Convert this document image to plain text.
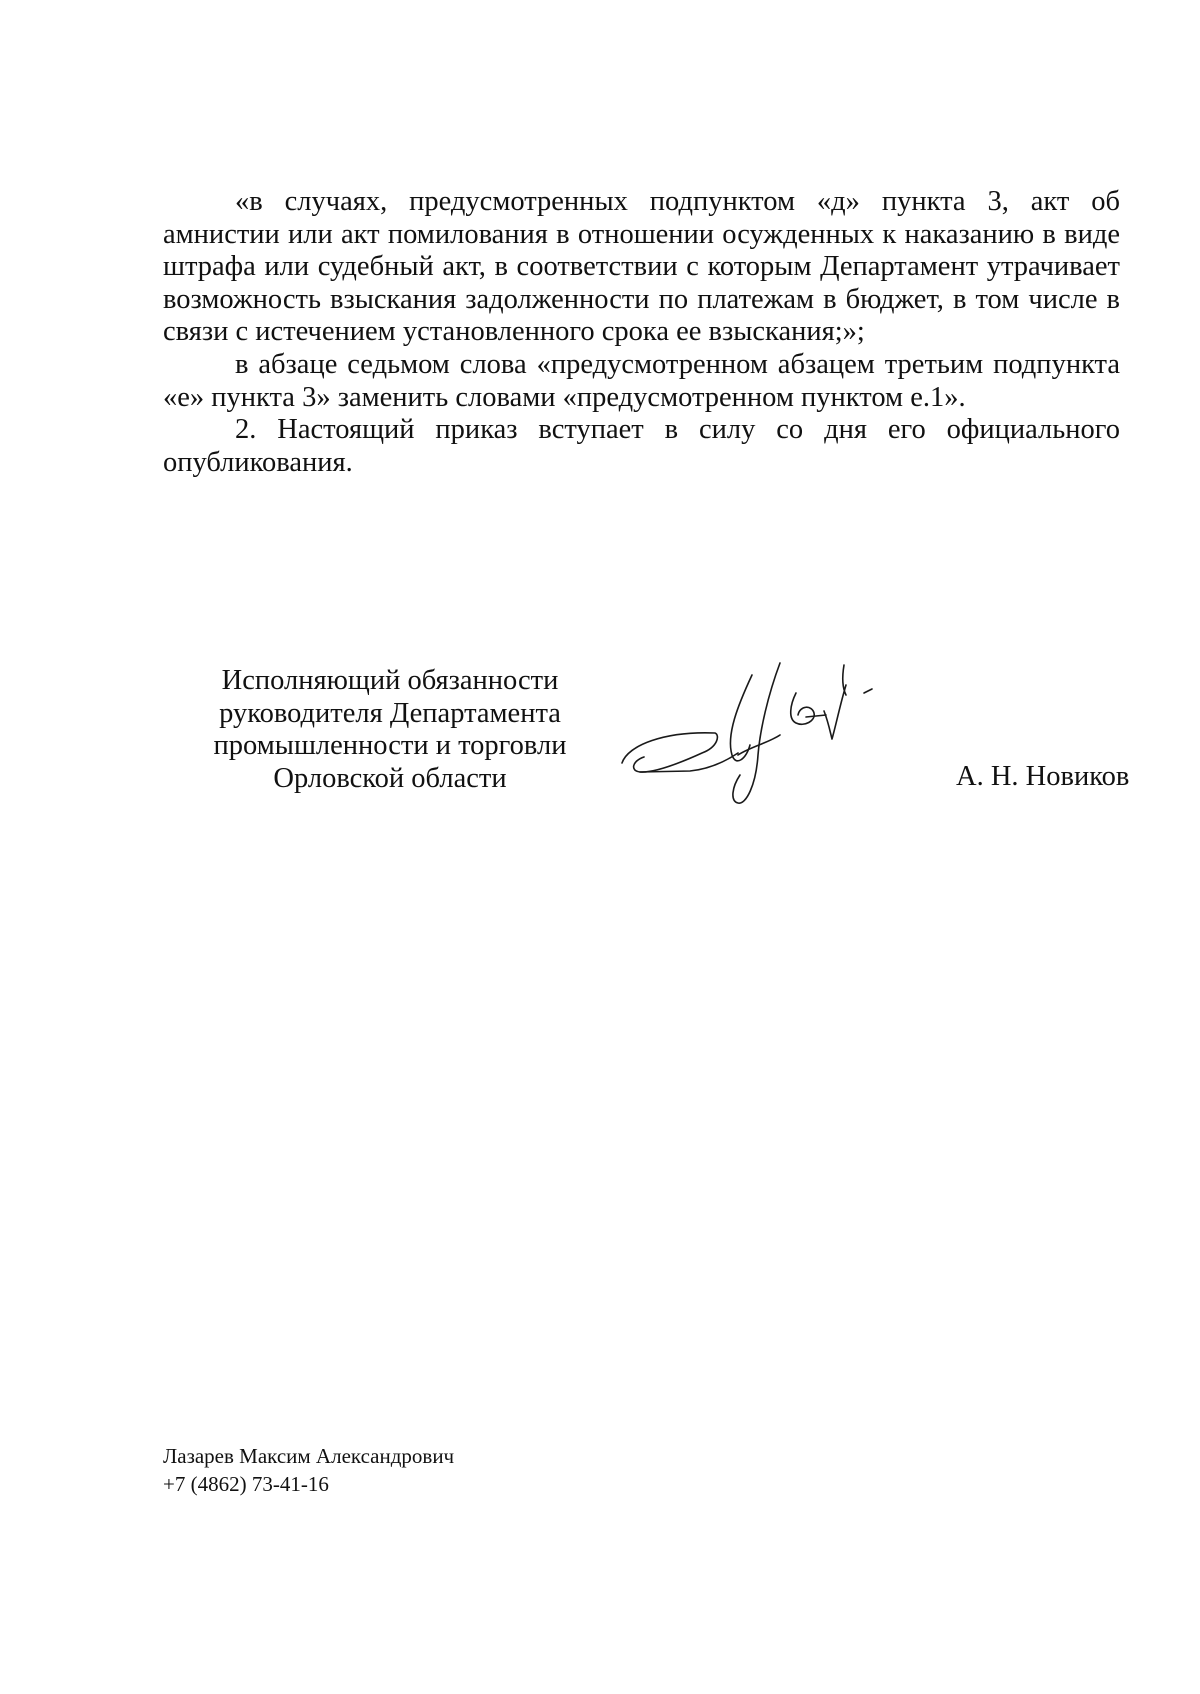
«в случаях, предусмотренных подпунктом «д» пункта 3, акт об амнистии или акт помилования в отношении осужденных к наказанию в виде штрафа или судебный акт, в соответствии с которым Департамент утрачивает возможность взыскания задолженности по платежам в бюджет, в том числе в связи с истечением установленного срока ее взыскания;»;

в абзаце седьмом слова «предусмотренном абзацем третьим подпункта «е» пункта 3» заменить словами «предусмотренном пунктом е.1».

2. Настоящий приказ вступает в силу со дня его официального опубликования.

Исполняющий обязанности
руководителя Департамента
промышленности и торговли
Орловской области	А. Н. Новиков
Лазарев Максим Александрович
+7 (4862) 73-41-16
